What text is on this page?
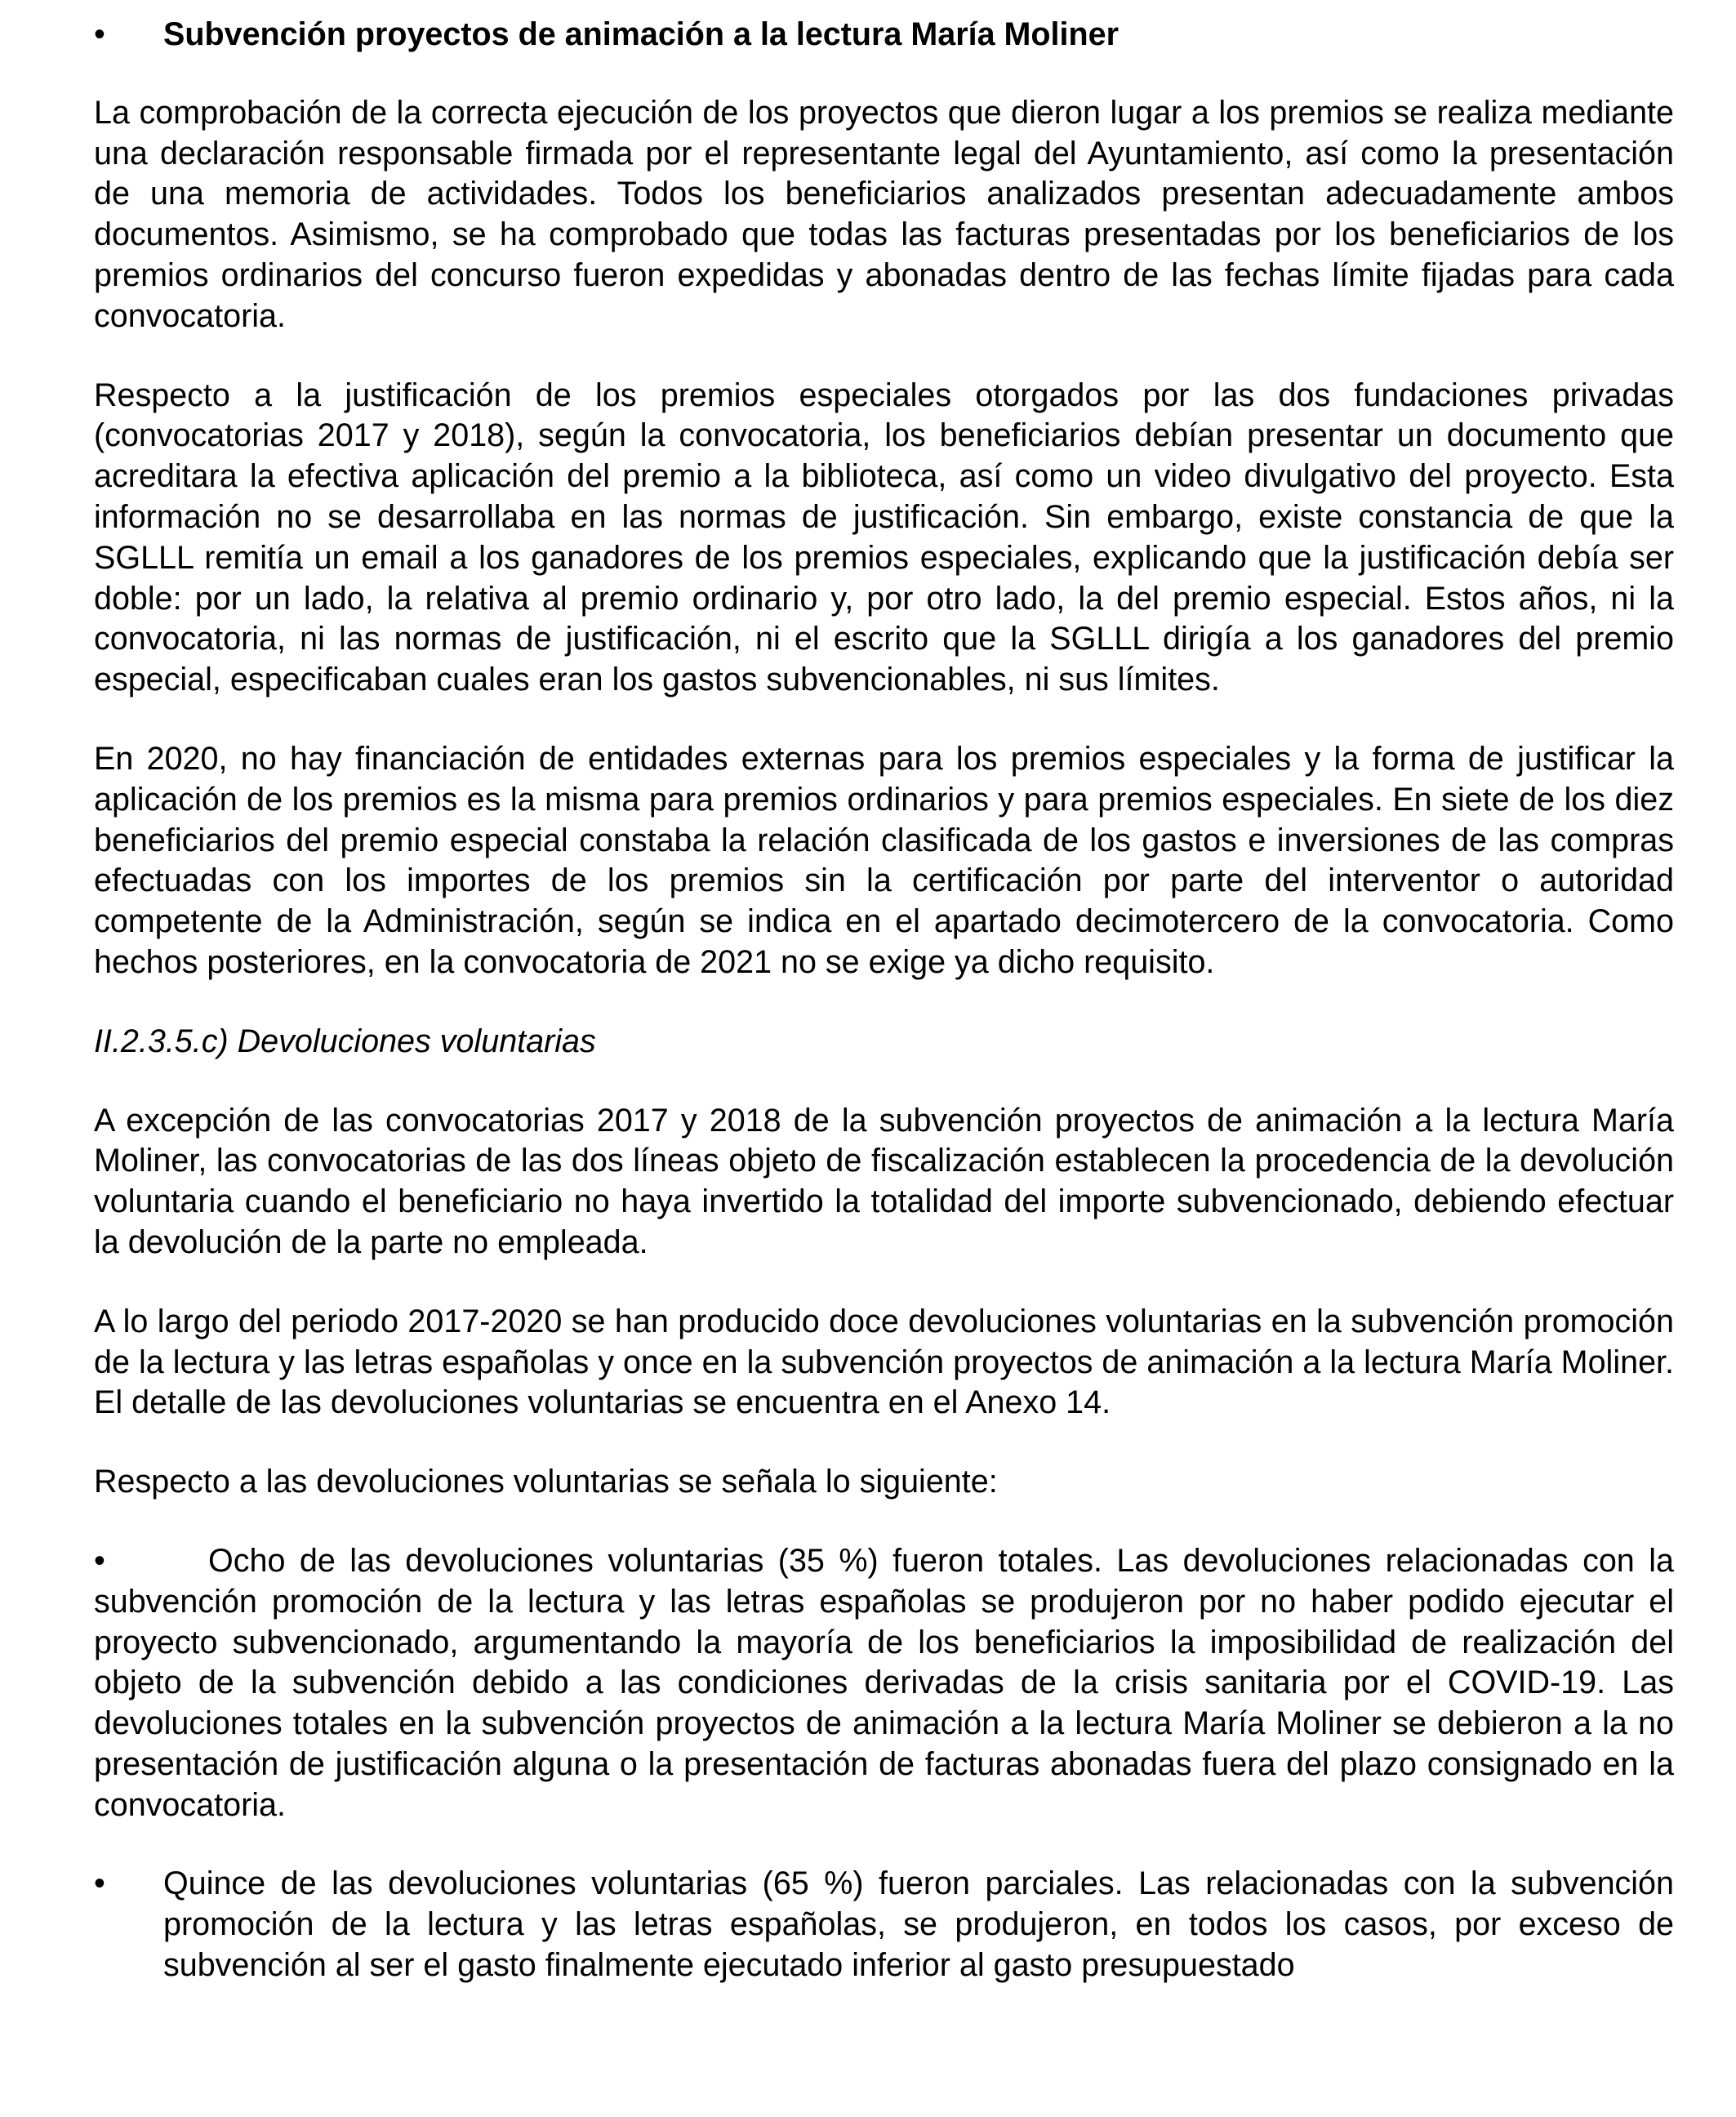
• Subvención proyectos de animación a la lectura María Moliner

La comprobación de la correcta ejecución de los proyectos que dieron lugar a los premios se realiza mediante una declaración responsable firmada por el representante legal del Ayuntamiento, así como la presentación de una memoria de actividades. Todos los beneficiarios analizados presentan adecuadamente ambos documentos. Asimismo, se ha comprobado que todas las facturas presentadas por los beneficiarios de los premios ordinarios del concurso fueron expedidas y abonadas dentro de las fechas límite fijadas para cada convocatoria.

Respecto a la justificación de los premios especiales otorgados por las dos fundaciones privadas (convocatorias 2017 y 2018), según la convocatoria, los beneficiarios debían presentar un documento que acreditara la efectiva aplicación del premio a la biblioteca, así como un video divulgativo del proyecto. Esta información no se desarrollaba en las normas de justificación. Sin embargo, existe constancia de que la SGLLL remitía un email a los ganadores de los premios especiales, explicando que la justificación debía ser doble: por un lado, la relativa al premio ordinario y, por otro lado, la del premio especial. Estos años, ni la convocatoria, ni las normas de justificación, ni el escrito que la SGLLL dirigía a los ganadores del premio especial, especificaban cuales eran los gastos subvencionables, ni sus límites.

En 2020, no hay financiación de entidades externas para los premios especiales y la forma de justificar la aplicación de los premios es la misma para premios ordinarios y para premios especiales. En siete de los diez beneficiarios del premio especial constaba la relación clasificada de los gastos e inversiones de las compras efectuadas con los importes de los premios sin la certificación por parte del interventor o autoridad competente de la Administración, según se indica en el apartado decimotercero de la convocatoria. Como hechos posteriores, en la convocatoria de 2021 no se exige ya dicho requisito.

II.2.3.5.c) Devoluciones voluntarias

A excepción de las convocatorias 2017 y 2018 de la subvención proyectos de animación a la lectura María Moliner, las convocatorias de las dos líneas objeto de fiscalización establecen la procedencia de la devolución voluntaria cuando el beneficiario no haya invertido la totalidad del importe subvencionado, debiendo efectuar la devolución de la parte no empleada.

A lo largo del periodo 2017-2020 se han producido doce devoluciones voluntarias en la subvención promoción de la lectura y las letras españolas y once en la subvención proyectos de animación a la lectura María Moliner. El detalle de las devoluciones voluntarias se encuentra en el Anexo 14.

Respecto a las devoluciones voluntarias se señala lo siguiente:

•	Ocho de las devoluciones voluntarias (35 %) fueron totales. Las devoluciones relacionadas con la subvención promoción de la lectura y las letras españolas se produjeron por no haber podido ejecutar el proyecto subvencionado, argumentando la mayoría de los beneficiarios la imposibilidad de realización del objeto de la subvención debido a las condiciones derivadas de la crisis sanitaria por el COVID-19. Las devoluciones totales en la subvención proyectos de animación a la lectura María Moliner se debieron a la no presentación de justificación alguna o la presentación de facturas abonadas fuera del plazo consignado en la convocatoria.

• Quince de las devoluciones voluntarias (65 %) fueron parciales. Las relacionadas con la subvención promoción de la lectura y las letras españolas, se produjeron, en todos los casos, por exceso de subvención al ser el gasto finalmente ejecutado inferior al gasto presupuestado
